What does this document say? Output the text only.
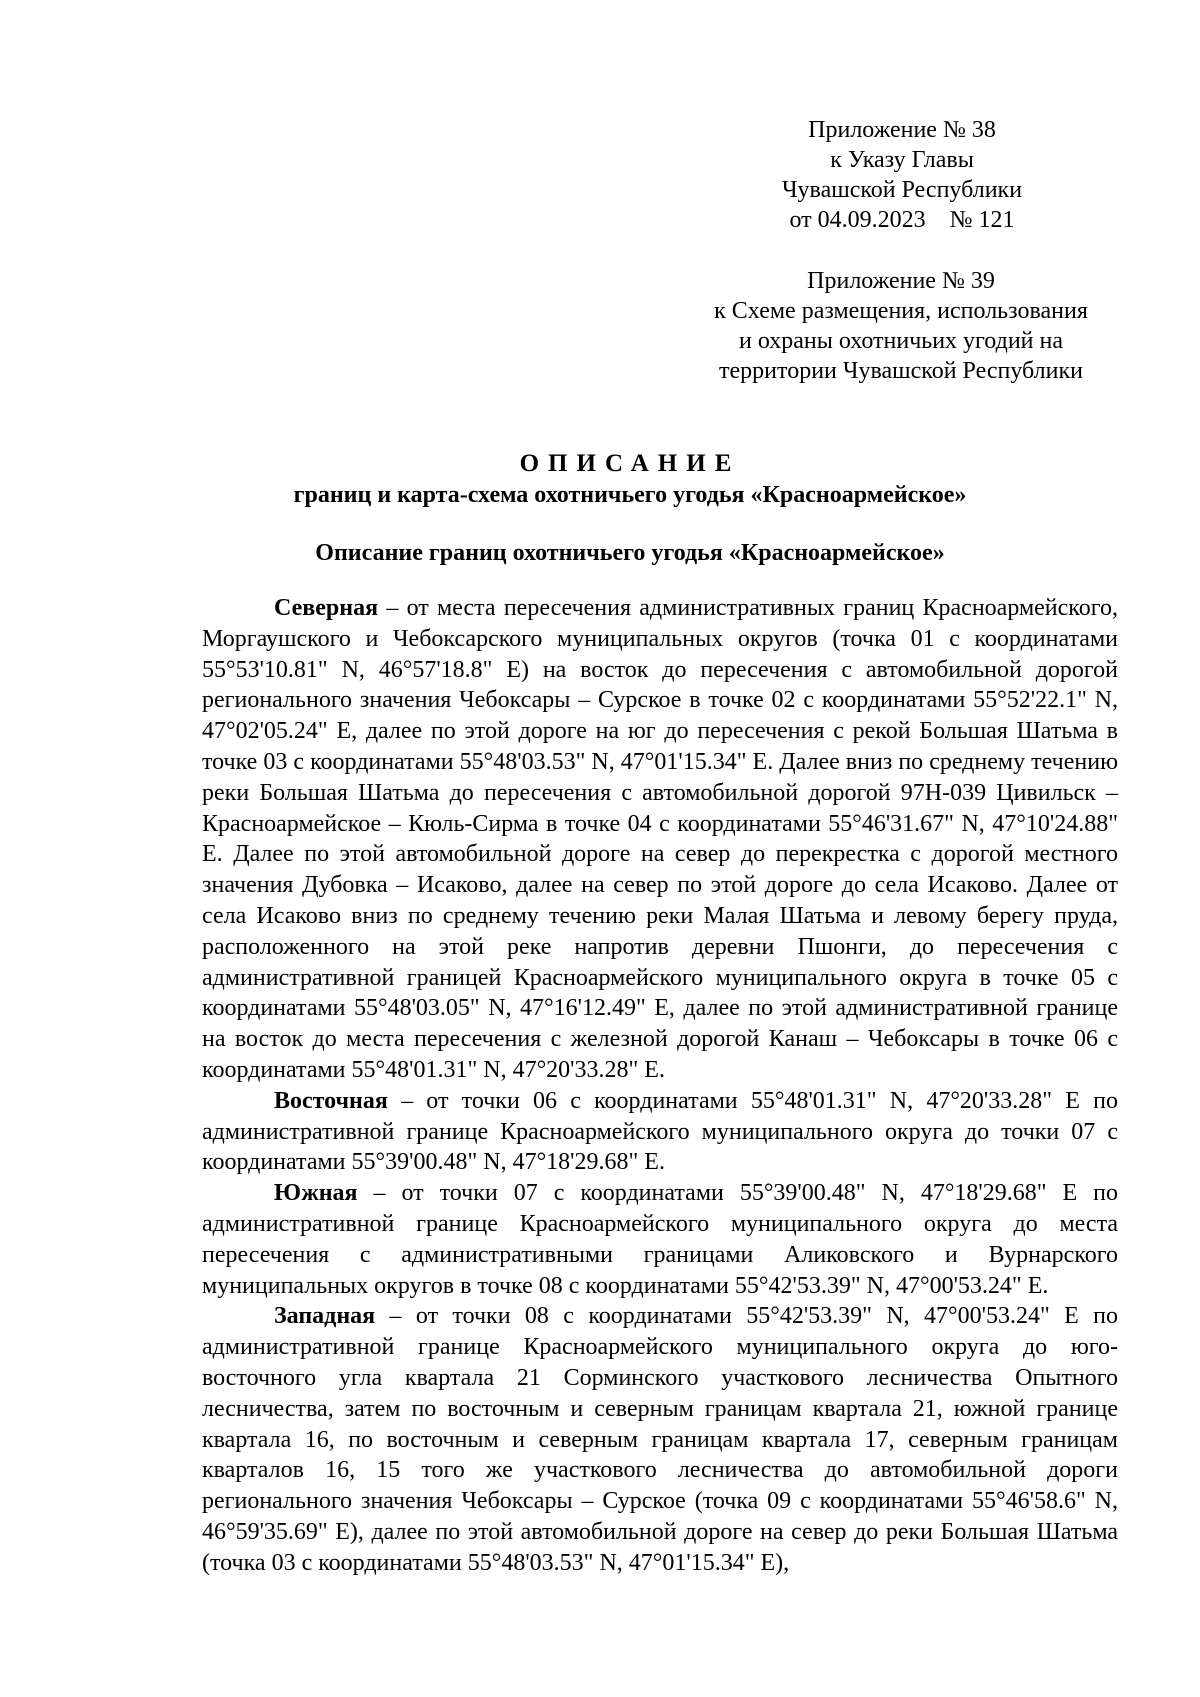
Приложение № 38
к Указу Главы
Чувашской Республики
от 04.09.2023    № 121
Приложение № 39
к Схеме размещения, использования
и охраны охотничьих угодий на
территории Чувашской Республики
ОПИСАНИЕ
границ и карта-схема охотничьего угодья «Красноармейское»
Описание границ охотничьего угодья «Красноармейское»

Северная – от места пересечения административных границ Красноармейского, Моргаушского и Чебоксарского муниципальных округов (точка 01 с координатами 55°53'10.81" N, 46°57'18.8" E) на восток до пересечения с автомобильной дорогой регионального значения Чебоксары – Сурское в точке 02 с координатами 55°52'22.1" N, 47°02'05.24" E, далее по этой дороге на юг до пересечения с рекой Большая Шатьма в точке 03 с координатами 55°48'03.53" N, 47°01'15.34" E. Далее вниз по среднему течению реки Большая Шатьма до пересечения с автомобильной дорогой 97Н-039 Цивильск – Красноармейское – Кюль-Сирма в точке 04 с координатами 55°46'31.67" N, 47°10'24.88" E. Далее по этой автомобильной дороге на север до перекрестка с дорогой местного значения Дубовка – Исаково, далее на север по этой дороге до села Исаково. Далее от села Исаково вниз по среднему течению реки Малая Шатьма и левому берегу пруда, расположенного на этой реке напротив деревни Пшонги, до пересечения с административной границей Красноармейского муниципального округа в точке 05 с координатами 55°48'03.05" N, 47°16'12.49" E, далее по этой административной границе на восток до места пересечения с железной дорогой Канаш – Чебоксары в точке 06 с координатами 55°48'01.31" N, 47°20'33.28" E.

Восточная – от точки 06 с координатами 55°48'01.31" N, 47°20'33.28" E по административной границе Красноармейского муниципального округа до точки 07 с координатами 55°39'00.48" N, 47°18'29.68" E.

Южная – от точки 07 с координатами 55°39'00.48" N, 47°18'29.68" E по административной границе Красноармейского муниципального округа до места пересечения с административными границами Аликовского и Вурнарского муниципальных округов в точке 08 с координатами 55°42'53.39" N, 47°00'53.24" E.

Западная – от точки 08 с координатами 55°42'53.39" N, 47°00'53.24" E по административной границе Красноармейского муниципального округа до юго-восточного угла квартала 21 Сорминского участкового лесничества Опытного лесничества, затем по восточным и северным границам квартала 21, южной границе квартала 16, по восточным и северным границам квартала 17, северным границам кварталов 16, 15 того же участкового лесничества до автомобильной дороги регионального значения Чебоксары – Сурское (точка 09 с координатами 55°46'58.6" N, 46°59'35.69" E), далее по этой автомобильной дороге на север до реки Большая Шатьма (точка 03 с координатами 55°48'03.53" N, 47°01'15.34" E),
